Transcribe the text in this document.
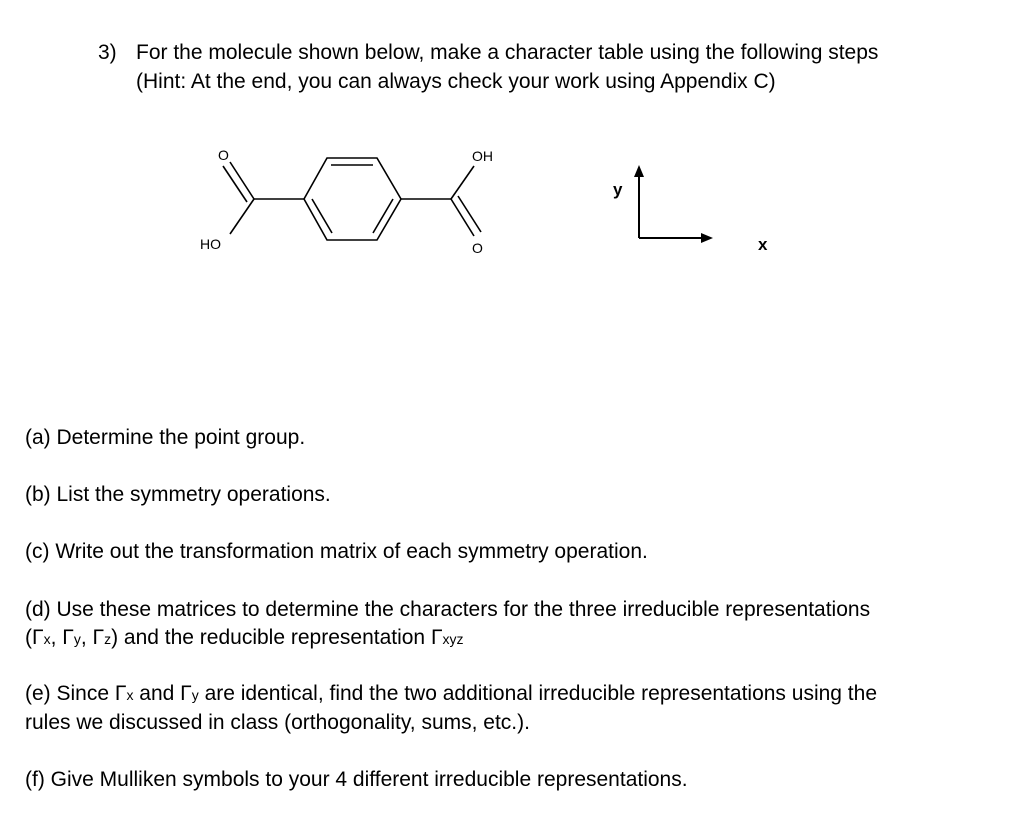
3) For the molecule shown below, make a character table using the following steps
(Hint: At the end, you can always check your work using Appendix C)
O
HO
OH
O
y
x
(a) Determine the point group.
(b) List the symmetry operations.
(c) Write out the transformation matrix of each symmetry operation.
(d) Use these matrices to determine the characters for the three irreducible representations
(Γx, Γy, Γz) and the reducible representation Γxyz
(e) Since Γx and Γy are identical, find the two additional irreducible representations using the
rules we discussed in class (orthogonality, sums, etc.).
(f) Give Mulliken symbols to your 4 different irreducible representations.
